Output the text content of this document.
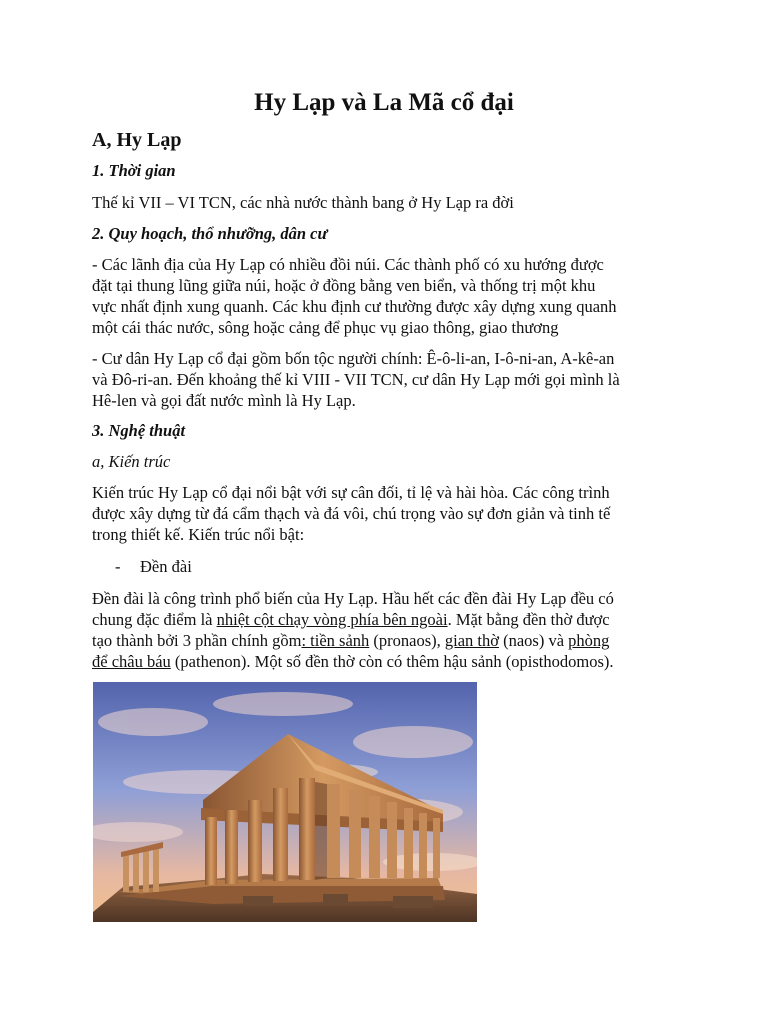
Hy Lạp và La Mã cổ đại
A, Hy Lạp
1. Thời gian

Thế kỉ VII – VI TCN, các nhà nước thành bang ở Hy Lạp ra đời

2. Quy hoạch, thổ nhưỡng, dân cư

- Các lãnh địa của Hy Lạp có nhiều đồi núi. Các thành phố có xu hướng được
đặt tại thung lũng giữa núi, hoặc ở đồng bằng ven biển, và thống trị một khu
vực nhất định xung quanh. Các khu định cư thường được xây dựng xung quanh
một cái thác nước, sông hoặc cảng để phục vụ giao thông, giao thương

- Cư dân Hy Lạp cổ đại gồm bốn tộc người chính: Ê-ô-li-an, I-ô-ni-an, A-kê-an
và Đô-ri-an. Đến khoảng thế kỉ VIII - VII TCN, cư dân Hy Lạp mới gọi mình là
Hê-len và gọi đất nước mình là Hy Lạp.

3. Nghệ thuật
a, Kiến trúc

Kiến trúc Hy Lạp cổ đại nổi bật với sự cân đối, tỉ lệ và hài hòa. Các công trình
được xây dựng từ đá cẩm thạch và đá vôi, chú trọng vào sự đơn giản và tinh tế
trong thiết kế. Kiến trúc nổi bật:

- Đền đài

Đền đài là công trình phổ biến của Hy Lạp. Hầu hết các đền đài Hy Lạp đều có
chung đặc điểm là nhiệt cột chạy vòng phía bên ngoài. Mặt bằng đền thờ được
tạo thành bởi 3 phần chính gồm: tiền sảnh (pronaos), gian thờ (naos) và phòng
để châu báu (pathenon). Một số đền thờ còn có thêm hậu sảnh (opisthodomos).
